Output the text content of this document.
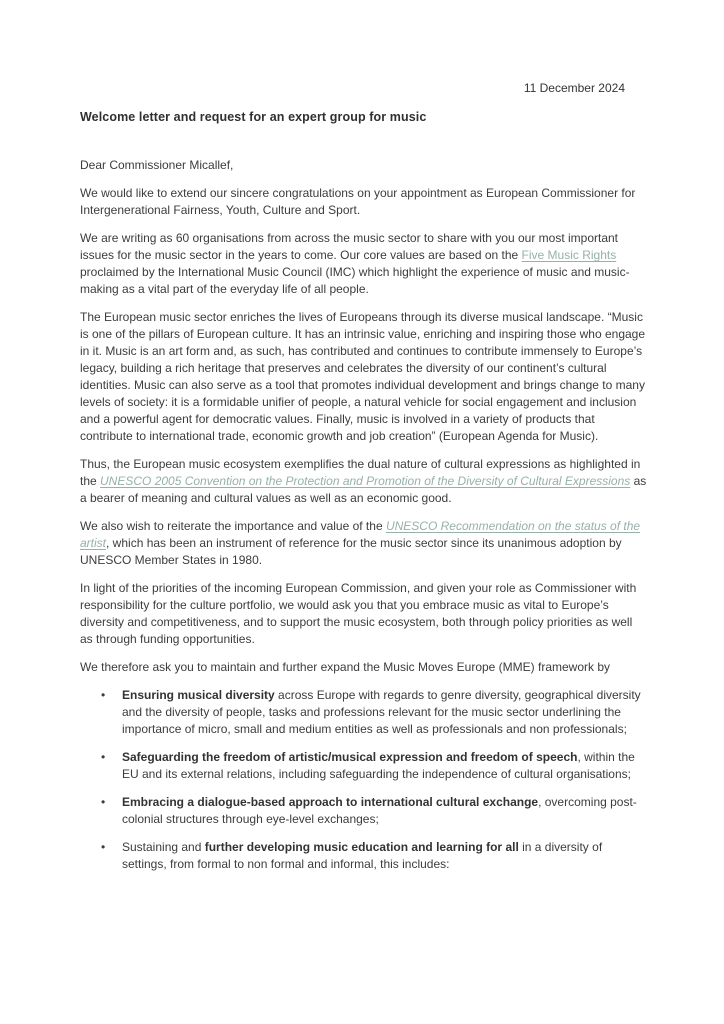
11 December 2024
Welcome letter and request for an expert group for music
Dear Commissioner Micallef,

We would like to extend our sincere congratulations on your appointment as European Commissioner for Intergenerational Fairness, Youth, Culture and Sport.

We are writing as 60 organisations from across the music sector to share with you our most important issues for the music sector in the years to come. Our core values are based on the Five Music Rights proclaimed by the International Music Council (IMC) which highlight the experience of music and music-making as a vital part of the everyday life of all people.

The European music sector enriches the lives of Europeans through its diverse musical landscape. “Music is one of the pillars of European culture. It has an intrinsic value, enriching and inspiring those who engage in it. Music is an art form and, as such, has contributed and continues to contribute immensely to Europe’s legacy, building a rich heritage that preserves and celebrates the diversity of our continent’s cultural identities. Music can also serve as a tool that promotes individual development and brings change to many levels of society: it is a formidable unifier of people, a natural vehicle for social engagement and inclusion and a powerful agent for democratic values. Finally, music is involved in a variety of products that contribute to international trade, economic growth and job creation” (European Agenda for Music).

Thus, the European music ecosystem exemplifies the dual nature of cultural expressions as highlighted in the UNESCO 2005 Convention on the Protection and Promotion of the Diversity of Cultural Expressions as a bearer of meaning and cultural values as well as an economic good.

We also wish to reiterate the importance and value of the UNESCO Recommendation on the status of the artist, which has been an instrument of reference for the music sector since its unanimous adoption by UNESCO Member States in 1980.

In light of the priorities of the incoming European Commission, and given your role as Commissioner with responsibility for the culture portfolio, we would ask you that you embrace music as vital to Europe’s diversity and competitiveness, and to support the music ecosystem, both through policy priorities as well as through funding opportunities.

We therefore ask you to maintain and further expand the Music Moves Europe (MME) framework by

• Ensuring musical diversity across Europe with regards to genre diversity, geographical diversity and the diversity of people, tasks and professions relevant for the music sector underlining the importance of micro, small and medium entities as well as professionals and non professionals;
• Safeguarding the freedom of artistic/musical expression and freedom of speech, within the EU and its external relations, including safeguarding the independence of cultural organisations;
• Embracing a dialogue-based approach to international cultural exchange, overcoming post-colonial structures through eye-level exchanges;
• Sustaining and further developing music education and learning for all in a diversity of settings, from formal to non formal and informal, this includes:
